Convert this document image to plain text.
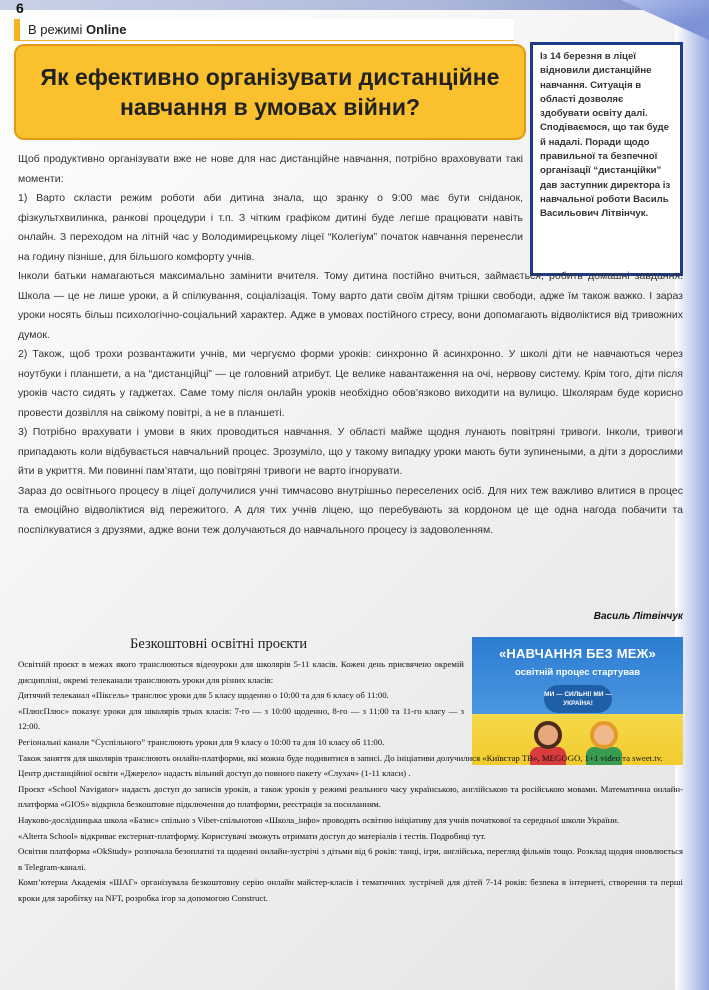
6
В режимі Online
Як ефективно організувати дистанційне навчання в умовах війни?
Із 14 березня в ліцеї відновили дистанційне навчання. Ситуація в області дозволяє здобувати освіту далі. Сподіваємося, що так буде й надалі. Поради щодо правильної та безпечної організації “дистанційки” дав заступник директора із навчальної роботи Василь Васильович Літвінчук.

Щоб продуктивно організувати вже не нове для нас дистанційне навчання, потрібно враховувати такі моменти:

1) Варто скласти режим роботи аби дитина знала, що зранку о 9:00 має бути сніданок, фізкультхвилинка, ранкові процедури і т.п. З чітким графіком дитині буде легше працювати навіть онлайн. З переходом на літній час у Володимирецькому ліцеї “Колегіум” початок навчання перенесли на годину пізніше, для більшого комфорту учнів.

Інколи батьки намагаються максимально замінити вчителя. Тому дитина постійно вчиться, займається, робить домашні завдання. Школа — це не лише уроки, а й спілкування, соціалізація. Тому варто дати своїм дітям трішки свободи, адже їм також важко. І зараз уроки носять більш психологічно-соціальний характер. Адже в умовах постійного стресу, вони допомагають відволіктися від тривожних думок.

2) Також, щоб трохи розвантажити учнів, ми чергуємо форми уроків: синхронно й асинхронно. У школі діти не навчаються через ноутбуки і планшети, а на “дистанційці” — це головний атрибут. Це велике навантаження на очі, нервову систему. Крім того, діти після уроків часто сидять у гаджетах. Саме тому після онлайн уроків необхідно обов’язково виходити на вулицю. Школярам буде корисно провести дозвілля на свіжому повітрі, а не в планшеті.

3) Потрібно врахувати і умови в яких проводиться навчання. У області майже щодня лунають повітряні тривоги. Інколи, тривоги припадають коли відбувається навчальний процес. Зрозуміло, що у такому випадку уроки мають бути зупинеными, а діти з дорослими йти в укриття. Ми повинні пам’ятати, що повітряні тривоги не варто ігнорувати.

Зараз до освітнього процесу в ліцеї долучилися учні тимчасово внутрішньо переселених осіб. Для них теж важливо влитися в процес та емоційно відволіктися від пережитого. А для тих учнів ліцею, що перебувають за кордоном це ще одна нагода побачити та поспілкуватися з друзями, адже вони теж долучаються до навчального процесу із задоволенням.

Василь Літвінчук
Безкоштовні освітні проєкти
«НАВЧАННЯ БЕЗ МЕЖ»
освітній процес стартував
МИ — СИЛЬНІ! МИ — УКРАЇНА!

Освітній проєкт в межах якого транслюються відеоуроки для школярів 5-11 класів. Кожен день присвячено окремій дисципліні, окремі телеканали транслюють уроки для різних класів:

Дитячий телеканал «Піксель» транслює уроки для 5 класу щоденно о 10:00 та для 6 класу об 11:00.

«ПлюсПлюс» показує уроки для школярів трьох класів: 7-го — з 10:00 щоденно, 8-го — з 11:00 та 11-го класу — з 12:00.

Регіональні канали “Суспільного” транслюють уроки для 9 класу о 10:00 та для 10 класу об 11:00.

Також заняття для школярів транслюють онлайн-платформи, які можна буде подивитися в записі. До ініціативи долучилися «Київстар ТВ», MEGOGO, 1+1 video та sweet.tv.

Центр дистанційної освіти «Джерело» надасть вільний доступ до повного пакету «Слухач» (1-11 класи) .

Проєкт «School Navigator» надасть доступ до записів уроків, а також уроків у режимі реального часу українською, англійською та російською мовами. Математична онлайн-платформа «GIOS» відкрила безкоштовне підключення до платформи, реєстрація за посиланням.

Науково-дослідницька школа «Базис» спільно з Viber-спільнотою «Школа_інфо» проводять освітню ініціативу для учнів початкової та середньої школи України.

«Alterra School» відкриває екстернат-платформу. Користувачі зможуть отримати доступ до матеріалів і тестів. Подробиці тут.

Освітня платформа «OkStudy» розпочала безоплатні та щоденні онлайн-зустрічі з дітьми від 6 років: танці, ігри, англійська, перегляд фільмів тощо. Розклад щодня оновлюється в Telegram-каналі.

Комп’ютерна Академія «ШАГ» організувала безкоштовну серію онлайн майстер-класів і тематичних зустрічей для дітей 7-14 років: безпека в інтернеті, створення та перші кроки для заробітку на NFT, розробка ігор за допомогою Construct.
